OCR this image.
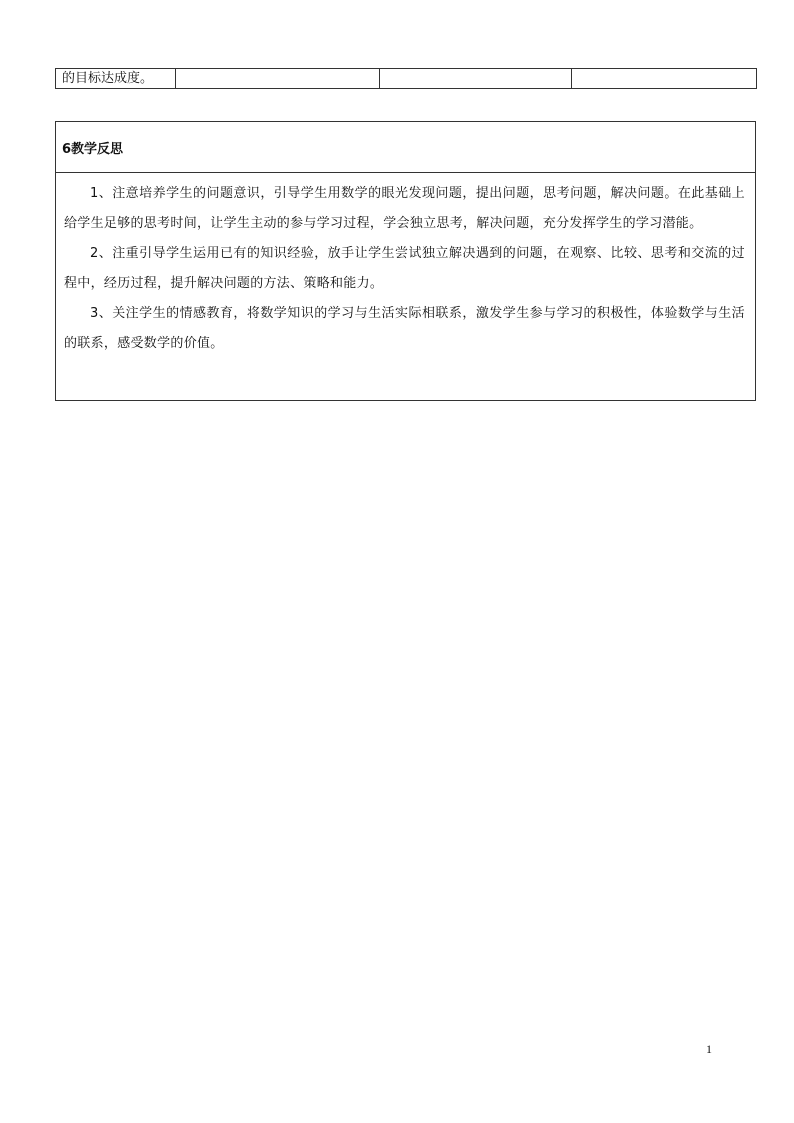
的目标达成度。			
6教学反思

1、注意培养学生的问题意识，引导学生用数学的眼光发现问题，提出问题，思考问题，解决问题。在此基础上给学生足够的思考时间，让学生主动的参与学习过程，学会独立思考，解决问题，充分发挥学生的学习潜能。

2、注重引导学生运用已有的知识经验，放手让学生尝试独立解决遇到的问题，在观察、比较、思考和交流的过程中，经历过程，提升解决问题的方法、策略和能力。

3、关注学生的情感教育，将数学知识的学习与生活实际相联系，激发学生参与学习的积极性，体验数学与生活的联系，感受数学的价值。

1
